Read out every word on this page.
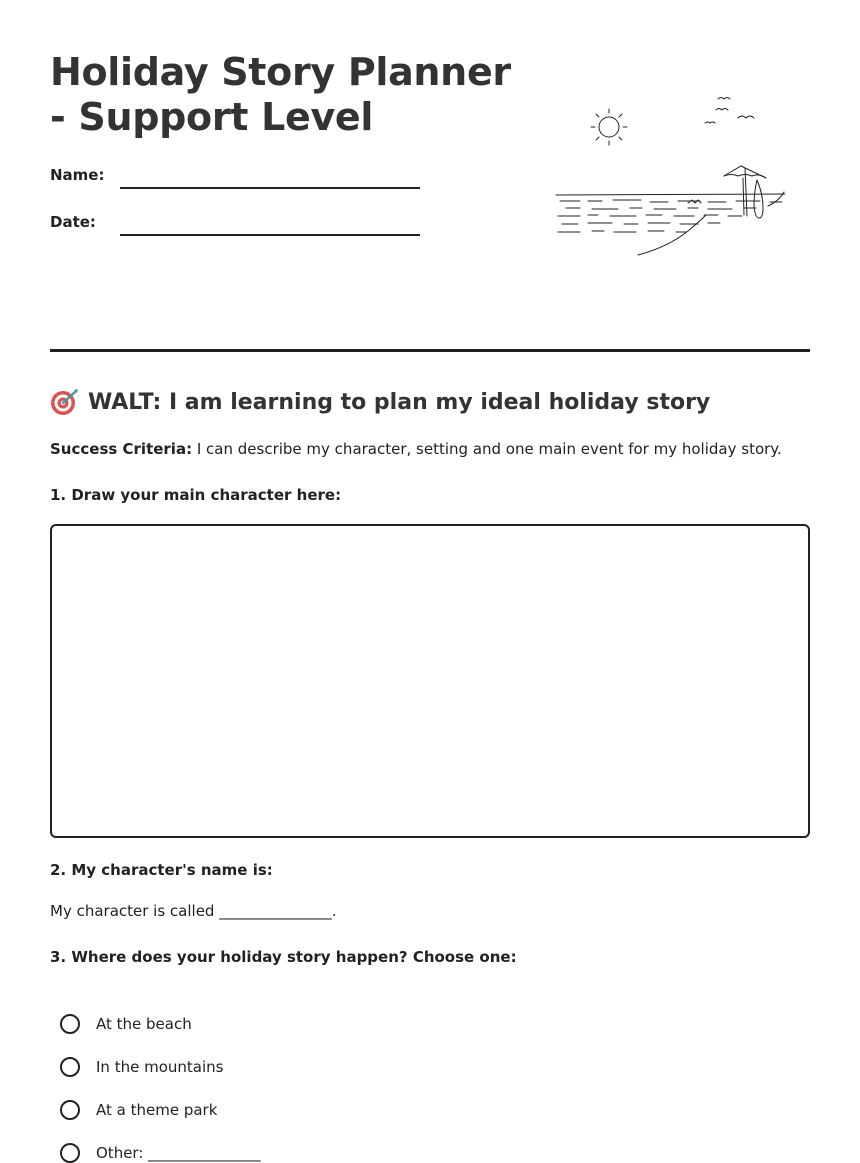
Holiday Story Planner - Support Level
Name:
Date:
WALT: I am learning to plan my ideal holiday story
Success Criteria: I can describe my character, setting and one main event for my holiday story.
1. Draw your main character here:
2. My character's name is:
My character is called _______________.
3. Where does your holiday story happen? Choose one:
At the beach
In the mountains
At a theme park
Other: _______________
